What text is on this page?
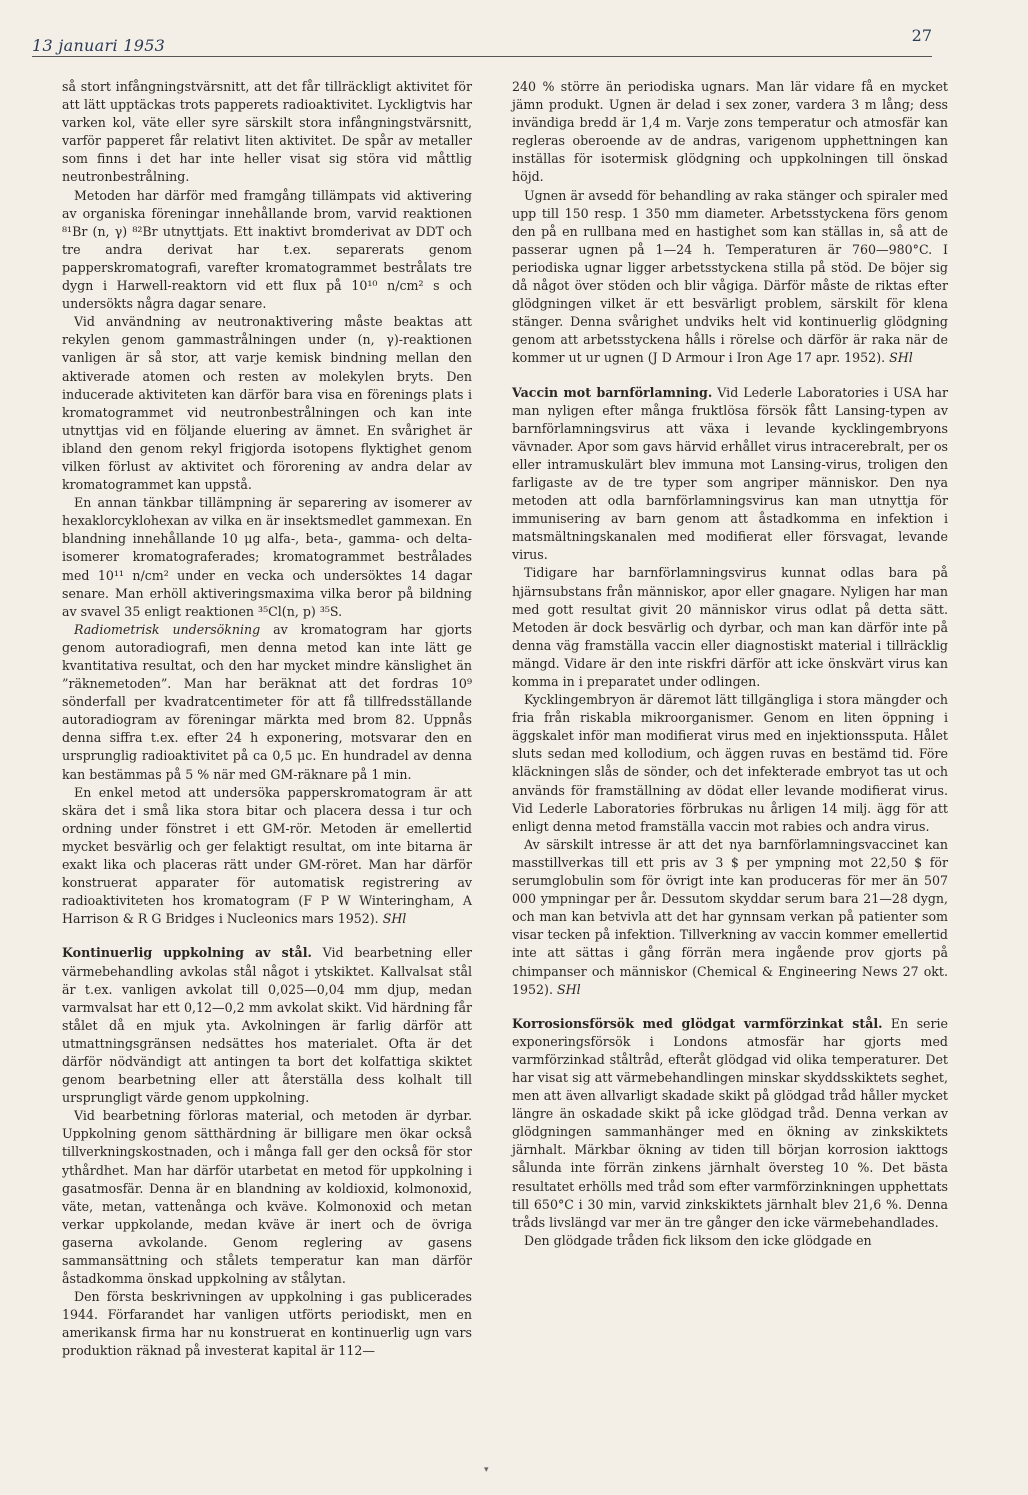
13 januari 1953
27

så stort infångningstvärsnitt, att det får tillräckligt aktivitet för att lätt upptäckas trots papperets radioaktivitet. Lyckligtvis har varken kol, väte eller syre särskilt stora infångningstvärsnitt, varför papperet får relativt liten aktivitet. De spår av metaller som finns i det har inte heller visat sig störa vid måttlig neutronbestrålning.

Metoden har därför med framgång tillämpats vid aktivering av organiska föreningar innehållande brom, varvid reaktionen ⁸¹Br (n, γ) ⁸²Br utnyttjats. Ett inaktivt bromderivat av DDT och tre andra derivat har t.ex. separerats genom papperskromatografi, varefter kromatogrammet bestrålats tre dygn i Harwell-reaktorn vid ett flux på 10¹⁰ n/cm² s och undersökts några dagar senare.

Vid användning av neutronaktivering måste beaktas att rekylen genom gammastrålningen under (n, γ)-reaktionen vanligen är så stor, att varje kemisk bindning mellan den aktiverade atomen och resten av molekylen bryts. Den inducerade aktiviteten kan därför bara visa en förenings plats i kromatogrammet vid neutronbestrålningen och kan inte utnyttjas vid en följande eluering av ämnet. En svårighet är ibland den genom rekyl frigjorda isotopens flyktighet genom vilken förlust av aktivitet och förorening av andra delar av kromatogrammet kan uppstå.

En annan tänkbar tillämpning är separering av isomerer av hexaklorcyklohexan av vilka en är insektsmedlet gammexan. En blandning innehållande 10 μg alfa-, beta-, gamma- och delta-isomerer kromatograferades; kromatogrammet bestrålades med 10¹¹ n/cm² under en vecka och undersöktes 14 dagar senare. Man erhöll aktiveringsmaxima vilka beror på bildning av svavel 35 enligt reaktionen ³⁵Cl(n, p) ³⁵S.

Radiometrisk undersökning av kromatogram har gjorts genom autoradiografi, men denna metod kan inte lätt ge kvantitativa resultat, och den har mycket mindre känslighet än ”räknemetoden”. Man har beräknat att det fordras 10⁹ sönderfall per kvadratcentimeter för att få tillfredsställande autoradiogram av föreningar märkta med brom 82. Uppnås denna siffra t.ex. efter 24 h exponering, motsvarar den en ursprunglig radioaktivitet på ca 0,5 μc. En hundradel av denna kan bestämmas på 5 % när med GM-räknare på 1 min.

En enkel metod att undersöka papperskromatogram är att skära det i små lika stora bitar och placera dessa i tur och ordning under fönstret i ett GM-rör. Metoden är emellertid mycket besvärlig och ger felaktigt resultat, om inte bitarna är exakt lika och placeras rätt under GM-röret. Man har därför konstruerat apparater för automatisk registrering av radioaktiviteten hos kromatogram (F P W Winteringham, A Harrison & R G Bridges i Nucleonics mars 1952). SHl

Kontinuerlig uppkolning av stål. Vid bearbetning eller värmebehandling avkolas stål något i ytskiktet. Kallvalsat stål är t.ex. vanligen avkolat till 0,025—0,04 mm djup, medan varmvalsat har ett 0,12—0,2 mm avkolat skikt. Vid härdning får stålet då en mjuk yta. Avkolningen är farlig därför att utmattningsgränsen nedsättes hos materialet. Ofta är det därför nödvändigt att antingen ta bort det kolfattiga skiktet genom bearbetning eller att återställa dess kolhalt till ursprungligt värde genom uppkolning.

Vid bearbetning förloras material, och metoden är dyrbar. Uppkolning genom sätthärdning är billigare men ökar också tillverkningskostnaden, och i många fall ger den också för stor ythårdhet. Man har därför utarbetat en metod för uppkolning i gasatmosfär. Denna är en blandning av koldioxid, kolmonoxid, väte, metan, vattenånga och kväve. Kolmonoxid och metan verkar uppkolande, medan kväve är inert och de övriga gaserna avkolande. Genom reglering av gasens sammansättning och stålets temperatur kan man därför åstadkomma önskad uppkolning av stålytan.

Den första beskrivningen av uppkolning i gas publicerades 1944. Förfarandet har vanligen utförts periodiskt, men en amerikansk firma har nu konstruerat en kontinuerlig ugn vars produktion räknad på investerat kapital är 112—

240 % större än periodiska ugnars. Man lär vidare få en mycket jämn produkt. Ugnen är delad i sex zoner, vardera 3 m lång; dess invändiga bredd är 1,4 m. Varje zons temperatur och atmosfär kan regleras oberoende av de andras, varigenom upphettningen kan inställas för isotermisk glödgning och uppkolningen till önskad höjd.

Ugnen är avsedd för behandling av raka stänger och spiraler med upp till 150 resp. 1 350 mm diameter. Arbetsstyckena förs genom den på en rullbana med en hastighet som kan ställas in, så att de passerar ugnen på 1—24 h. Temperaturen är 760—980°C. I periodiska ugnar ligger arbetsstyckena stilla på stöd. De böjer sig då något över stöden och blir vågiga. Därför måste de riktas efter glödgningen vilket är ett besvärligt problem, särskilt för klena stänger. Denna svårighet undviks helt vid kontinuerlig glödgning genom att arbetsstyckena hålls i rörelse och därför är raka när de kommer ut ur ugnen (J D Armour i Iron Age 17 apr. 1952). SHl

Vaccin mot barnförlamning. Vid Lederle Laboratories i USA har man nyligen efter många fruktlösa försök fått Lansing-typen av barnförlamningsvirus att växa i levande kycklingembryons vävnader. Apor som gavs härvid erhållet virus intracerebralt, per os eller intramuskulärt blev immuna mot Lansing-virus, troligen den farligaste av de tre typer som angriper människor. Den nya metoden att odla barnförlamningsvirus kan man utnyttja för immunisering av barn genom att åstadkomma en infektion i matsmältningskanalen med modifierat eller försvagat, levande virus.

Tidigare har barnförlamningsvirus kunnat odlas bara på hjärnsubstans från människor, apor eller gnagare. Nyligen har man med gott resultat givit 20 människor virus odlat på detta sätt. Metoden är dock besvärlig och dyrbar, och man kan därför inte på denna väg framställa vaccin eller diagnostiskt material i tillräcklig mängd. Vidare är den inte riskfri därför att icke önskvärt virus kan komma in i preparatet under odlingen.

Kycklingembryon är däremot lätt tillgängliga i stora mängder och fria från riskabla mikroorganismer. Genom en liten öppning i äggskalet inför man modifierat virus med en injektionssputa. Hålet sluts sedan med kollodium, och äggen ruvas en bestämd tid. Före kläckningen slås de sönder, och det infekterade embryot tas ut och används för framställning av dödat eller levande modifierat virus. Vid Lederle Laboratories förbrukas nu årligen 14 milj. ägg för att enligt denna metod framställa vaccin mot rabies och andra virus.

Av särskilt intresse är att det nya barnförlamningsvaccinet kan masstillverkas till ett pris av 3 $ per ympning mot 22,50 $ för serumglobulin som för övrigt inte kan produceras för mer än 507 000 ympningar per år. Dessutom skyddar serum bara 21—28 dygn, och man kan betvivla att det har gynnsam verkan på patienter som visar tecken på infektion. Tillverkning av vaccin kommer emellertid inte att sättas i gång förrän mera ingående prov gjorts på chimpanser och människor (Chemical & Engineering News 27 okt. 1952). SHl

Korrosionsförsök med glödgat varmförzinkat stål. En serie exponeringsförsök i Londons atmosfär har gjorts med varmförzinkad ståltråd, efteråt glödgad vid olika temperaturer. Det har visat sig att värmebehandlingen minskar skyddsskiktets seghet, men att även allvarligt skadade skikt på glödgad tråd håller mycket längre än oskadade skikt på icke glödgad tråd. Denna verkan av glödgningen sammanhänger med en ökning av zinkskiktets järnhalt. Märkbar ökning av tiden till början korrosion iakttogs sålunda inte förrän zinkens järnhalt översteg 10 %. Det bästa resultatet erhölls med tråd som efter varmförzinkningen upphettats till 650°C i 30 min, varvid zinkskiktets järnhalt blev 21,6 %. Denna tråds livslängd var mer än tre gånger den icke värmebehandlades.

Den glödgade tråden fick liksom den icke glödgade en

▾
